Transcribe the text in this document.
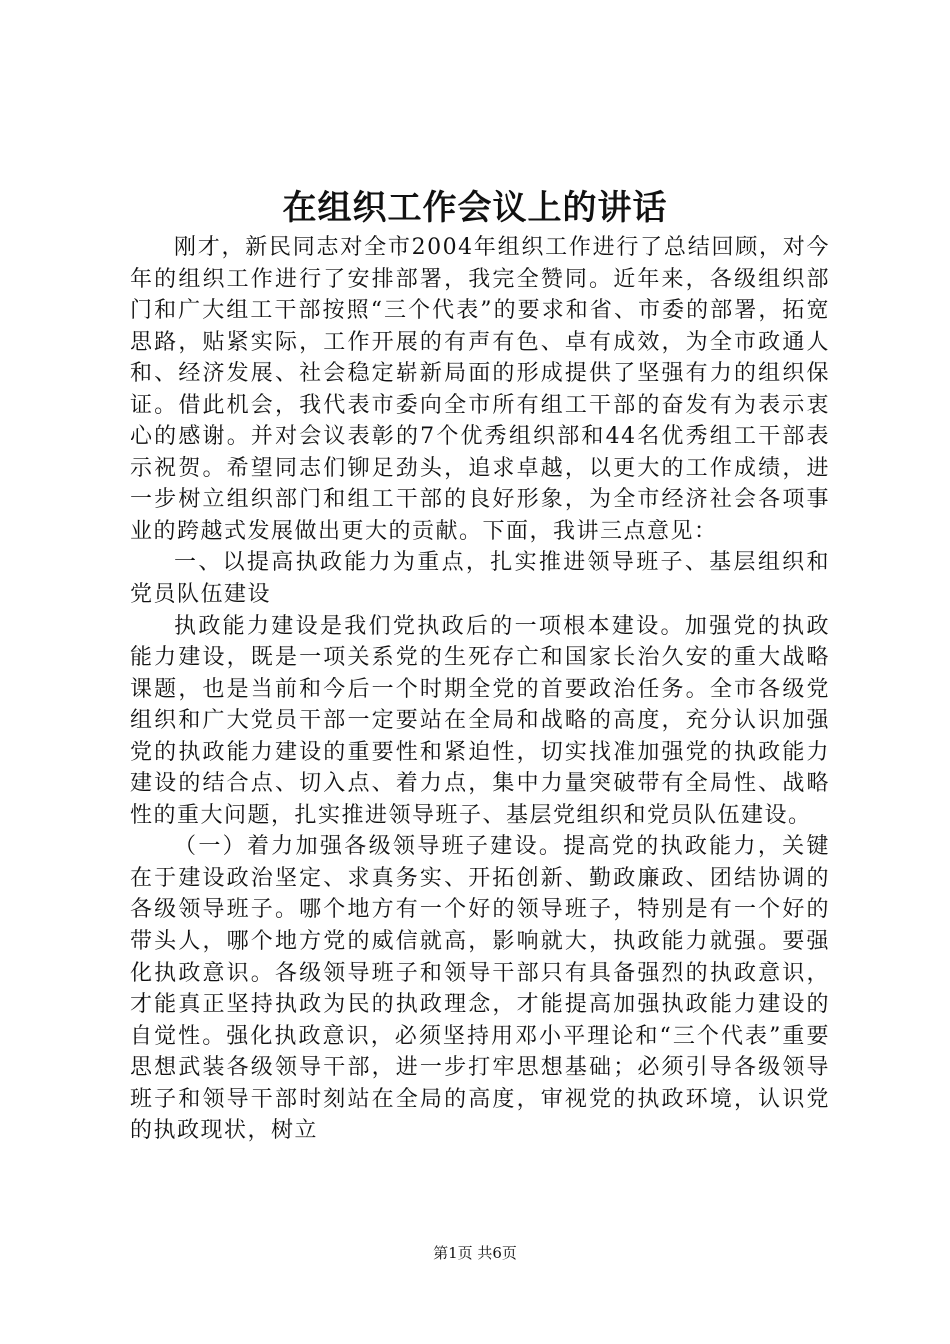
在组织工作会议上的讲话

刚才，新民同志对全市2004年组织工作进行了总结回顾，对今年的组织工作进行了安排部署，我完全赞同。近年来，各级组织部门和广大组工干部按照“三个代表”的要求和省、市委的部署，拓宽思路，贴紧实际，工作开展的有声有色、卓有成效，为全市政通人和、经济发展、社会稳定崭新局面的形成提供了坚强有力的组织保证。借此机会，我代表市委向全市所有组工干部的奋发有为表示衷心的感谢。并对会议表彰的7个优秀组织部和44名优秀组工干部表示祝贺。希望同志们铆足劲头，追求卓越，以更大的工作成绩，进一步树立组织部门和组工干部的良好形象，为全市经济社会各项事业的跨越式发展做出更大的贡献。下面，我讲三点意见：

一、以提高执政能力为重点，扎实推进领导班子、基层组织和党员队伍建设

执政能力建设是我们党执政后的一项根本建设。加强党的执政能力建设，既是一项关系党的生死存亡和国家长治久安的重大战略课题，也是当前和今后一个时期全党的首要政治任务。全市各级党组织和广大党员干部一定要站在全局和战略的高度，充分认识加强党的执政能力建设的重要性和紧迫性，切实找准加强党的执政能力建设的结合点、切入点、着力点，集中力量突破带有全局性、战略性的重大问题，扎实推进领导班子、基层党组织和党员队伍建设。

（一）着力加强各级领导班子建设。提高党的执政能力，关键在于建设政治坚定、求真务实、开拓创新、勤政廉政、团结协调的各级领导班子。哪个地方有一个好的领导班子，特别是有一个好的带头人，哪个地方党的威信就高，影响就大，执政能力就强。要强化执政意识。各级领导班子和领导干部只有具备强烈的执政意识，才能真正坚持执政为民的执政理念，才能提高加强执政能力建设的自觉性。强化执政意识，必须坚持用邓小平理论和“三个代表”重要思想武装各级领导干部，进一步打牢思想基础；必须引导各级领导班子和领导干部时刻站在全局的高度，审视党的执政环境，认识党的执政现状，树立

第1页 共6页
